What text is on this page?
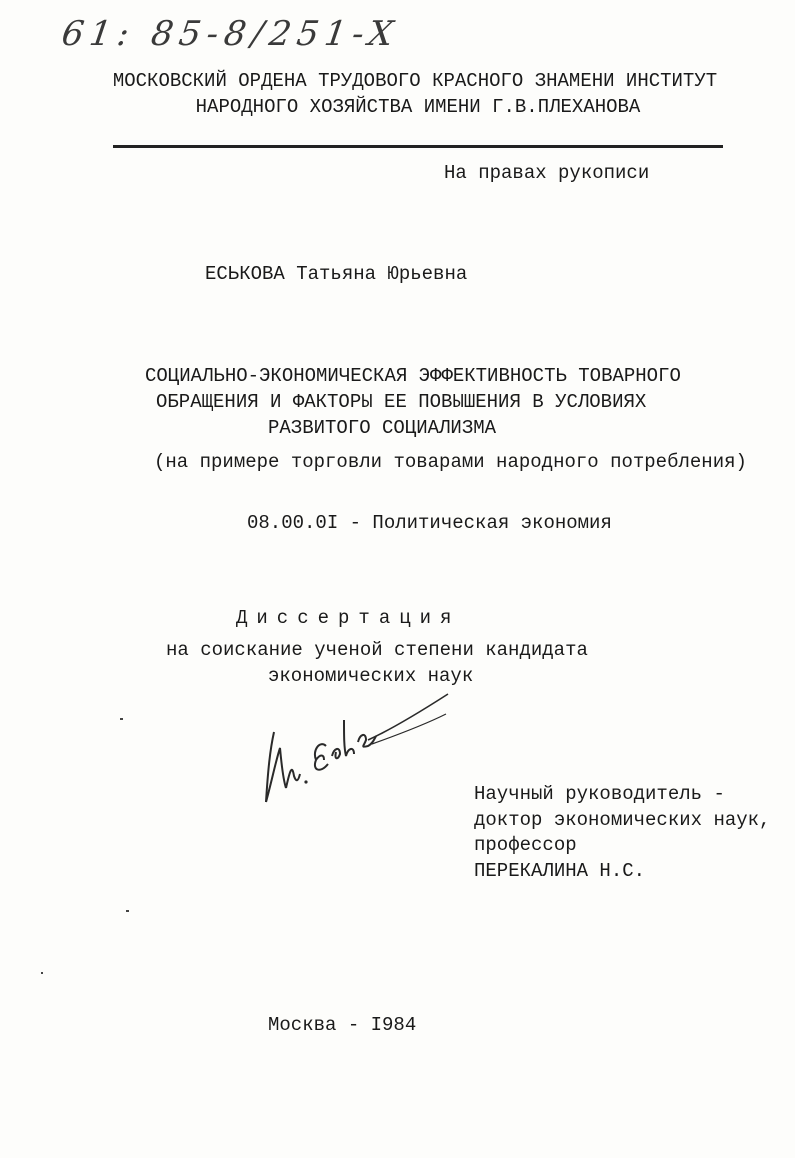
61: 85-8/251-X
МОСКОВСКИЙ ОРДЕНА ТРУДОВОГО КРАСНОГО ЗНАМЕНИ ИНСТИТУТ
НАРОДНОГО ХОЗЯЙСТВА ИМЕНИ Г.В.ПЛЕХАНОВА
На правах рукописи
ЕСЬКОВА Татьяна Юрьевна
СОЦИАЛЬНО-ЭКОНОМИЧЕСКАЯ ЭФФЕКТИВНОСТЬ ТОВАРНОГО
ОБРАЩЕНИЯ И ФАКТОРЫ ЕЕ ПОВЫШЕНИЯ В УСЛОВИЯХ
РАЗВИТОГО СОЦИАЛИЗМА
(на примере торговли товарами народного потребления)
08.00.0I - Политическая экономия
Диссертация
на соискание ученой степени кандидата
экономических наук
Научный руководитель -
доктор экономических наук,
профессор
ПЕРЕКАЛИНА Н.С.
Москва - I984
